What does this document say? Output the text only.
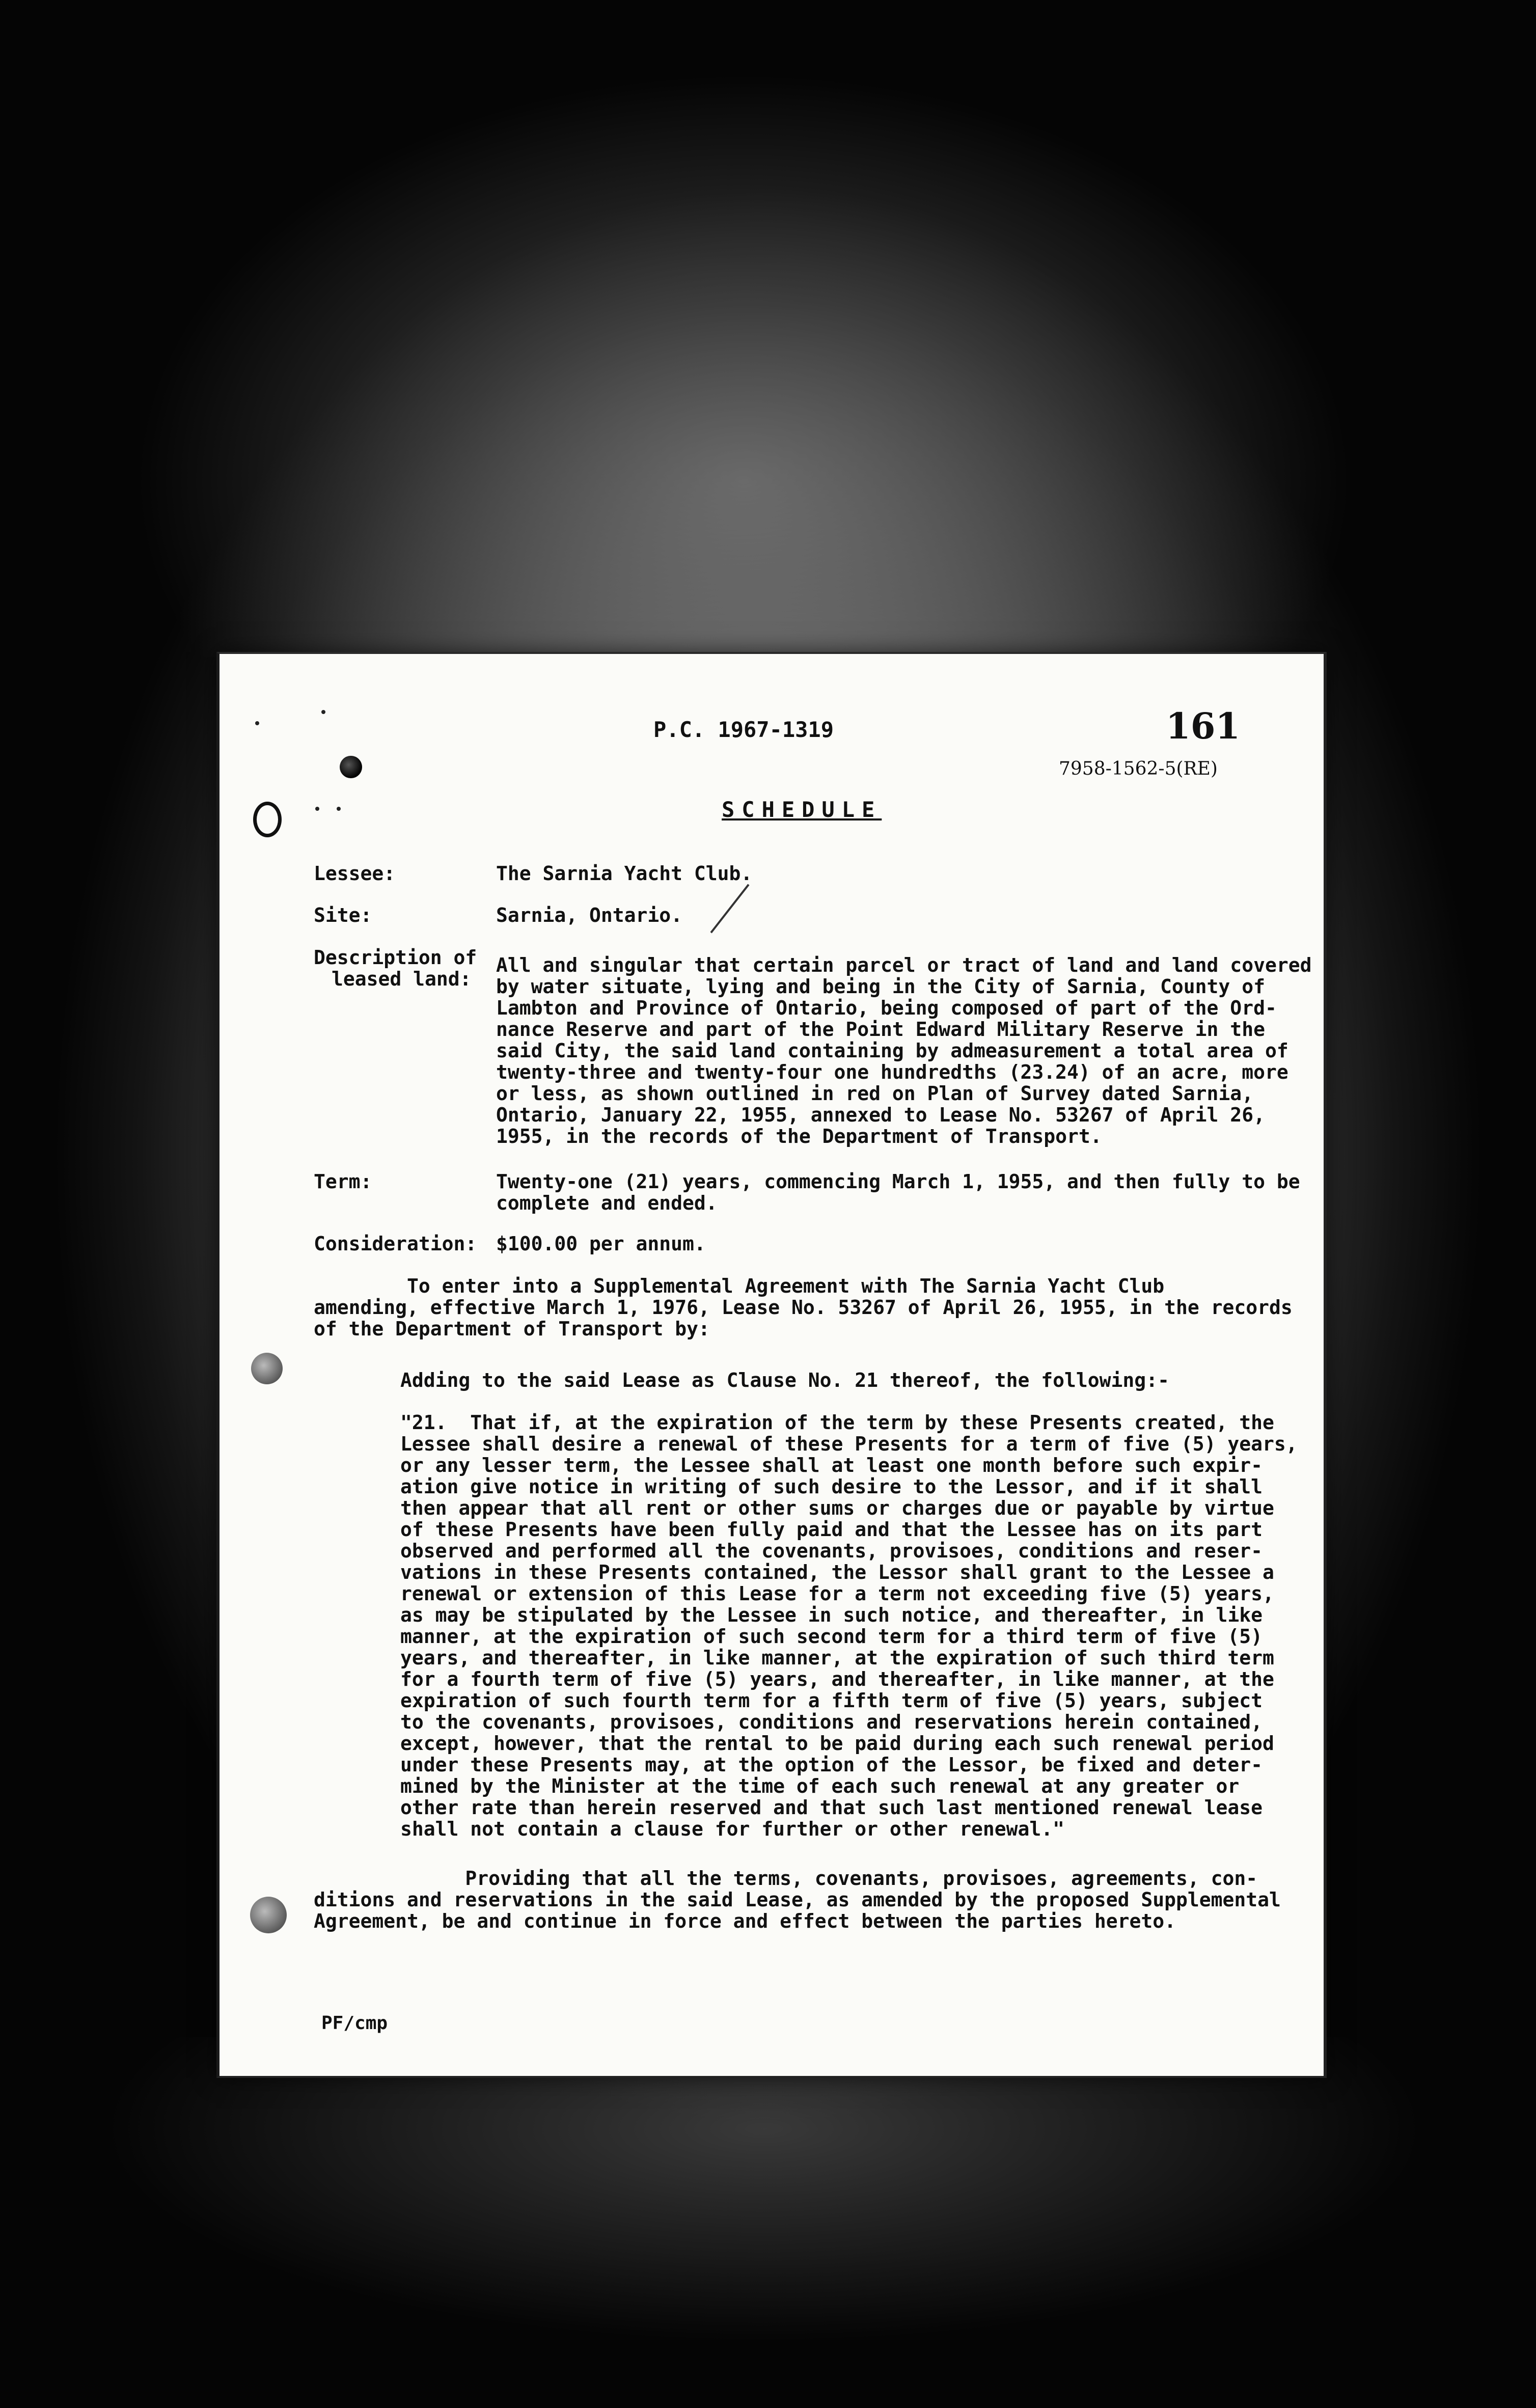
P.C. 1967-1319	161

7958-1562-5(RE)

SCHEDULE

Lessee:	The Sarnia Yacht Club.

Site:	Sarnia, Ontario.

Description of

leased land:

All and singular that certain parcel or tract of land and land covered

by water situate, lying and being in the City of Sarnia, County of

Lambton and Province of Ontario, being composed of part of the Ord-

nance Reserve and part of the Point Edward Military Reserve in the

said City, the said land containing by admeasurement a total area of

twenty-three and twenty-four one hundredths (23.24) of an acre, more

or less, as shown outlined in red on Plan of Survey dated Sarnia,

Ontario, January 22, 1955, annexed to Lease No. 53267 of April 26,

1955, in the records of the Department of Transport.

Term:	Twenty-one (21) years, commencing March 1, 1955, and then fully to be

complete and ended.

Consideration: $100.00 per annum.

To enter into a Supplemental Agreement with The Sarnia Yacht Club

amending, effective March 1, 1976, Lease No. 53267 of April 26, 1955, in the records

of the Department of Transport by:

Adding to the said Lease as Clause No. 21 thereof, the following:-

"21.  That if, at the expiration of the term by these Presents created, the

Lessee shall desire a renewal of these Presents for a term of five (5) years,

or any lesser term, the Lessee shall at least one month before such expir-

ation give notice in writing of such desire to the Lessor, and if it shall

then appear that all rent or other sums or charges due or payable by virtue

of these Presents have been fully paid and that the Lessee has on its part

observed and performed all the covenants, provisoes, conditions and reser-

vations in these Presents contained, the Lessor shall grant to the Lessee a

renewal or extension of this Lease for a term not exceeding five (5) years,

as may be stipulated by the Lessee in such notice, and thereafter, in like

manner, at the expiration of such second term for a third term of five (5)

years, and thereafter, in like manner, at the expiration of such third term

for a fourth term of five (5) years, and thereafter, in like manner, at the

expiration of such fourth term for a fifth term of five (5) years, subject

to the covenants, provisoes, conditions and reservations herein contained,

except, however, that the rental to be paid during each such renewal period

under these Presents may, at the option of the Lessor, be fixed and deter-

mined by the Minister at the time of each such renewal at any greater or

other rate than herein reserved and that such last mentioned renewal lease

shall not contain a clause for further or other renewal."

Providing that all the terms, covenants, provisoes, agreements, con-

ditions and reservations in the said Lease, as amended by the proposed Supplemental

Agreement, be and continue in force and effect between the parties hereto.

PF/cmp
